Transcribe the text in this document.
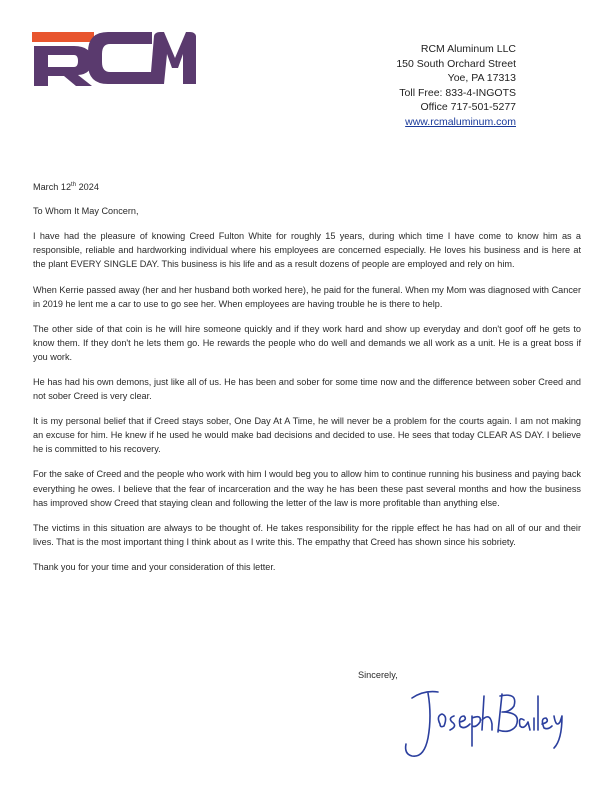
RCM Aluminum LLC
150 South Orchard Street
Yoe, PA 17313
Toll Free: 833-4-INGOTS
Office 717-501-5277
www.rcmaluminum.com
March 12th 2024

To Whom It May Concern,

I have had the pleasure of knowing Creed Fulton White for roughly 15 years, during which time I have come to know him as a responsible, reliable and hardworking individual where his employees are concerned especially. He loves his business and is here at the plant EVERY SINGLE DAY. This business is his life and as a result dozens of people are employed and rely on him.

When Kerrie passed away (her and her husband both worked here), he paid for the funeral. When my Mom was diagnosed with Cancer in 2019 he lent me a car to use to go see her. When employees are having trouble he is there to help.

The other side of that coin is he will hire someone quickly and if they work hard and show up everyday and don't goof off he gets to know them. If they don't he lets them go. He rewards the people who do well and demands we all work as a unit. He is a great boss if you work.

He has had his own demons, just like all of us. He has been and sober for some time now and the difference between sober Creed and not sober Creed is very clear.

It is my personal belief that if Creed stays sober, One Day At A Time, he will never be a problem for the courts again. I am not making an excuse for him. He knew if he used he would make bad decisions and decided to use. He sees that today CLEAR AS DAY. I believe he is committed to his recovery.

For the sake of Creed and the people who work with him I would beg you to allow him to continue running his business and paying back everything he owes. I believe that the fear of incarceration and the way he has been these past several months and how the business has improved show Creed that staying clean and following the letter of the law is more profitable than anything else.

The victims in this situation are always to be thought of. He takes responsibility for the ripple effect he has had on all of our and their lives. That is the most important thing I think about as I write this. The empathy that Creed has shown since his sobriety.

Thank you for your time and your consideration of this letter.

Sincerely,
